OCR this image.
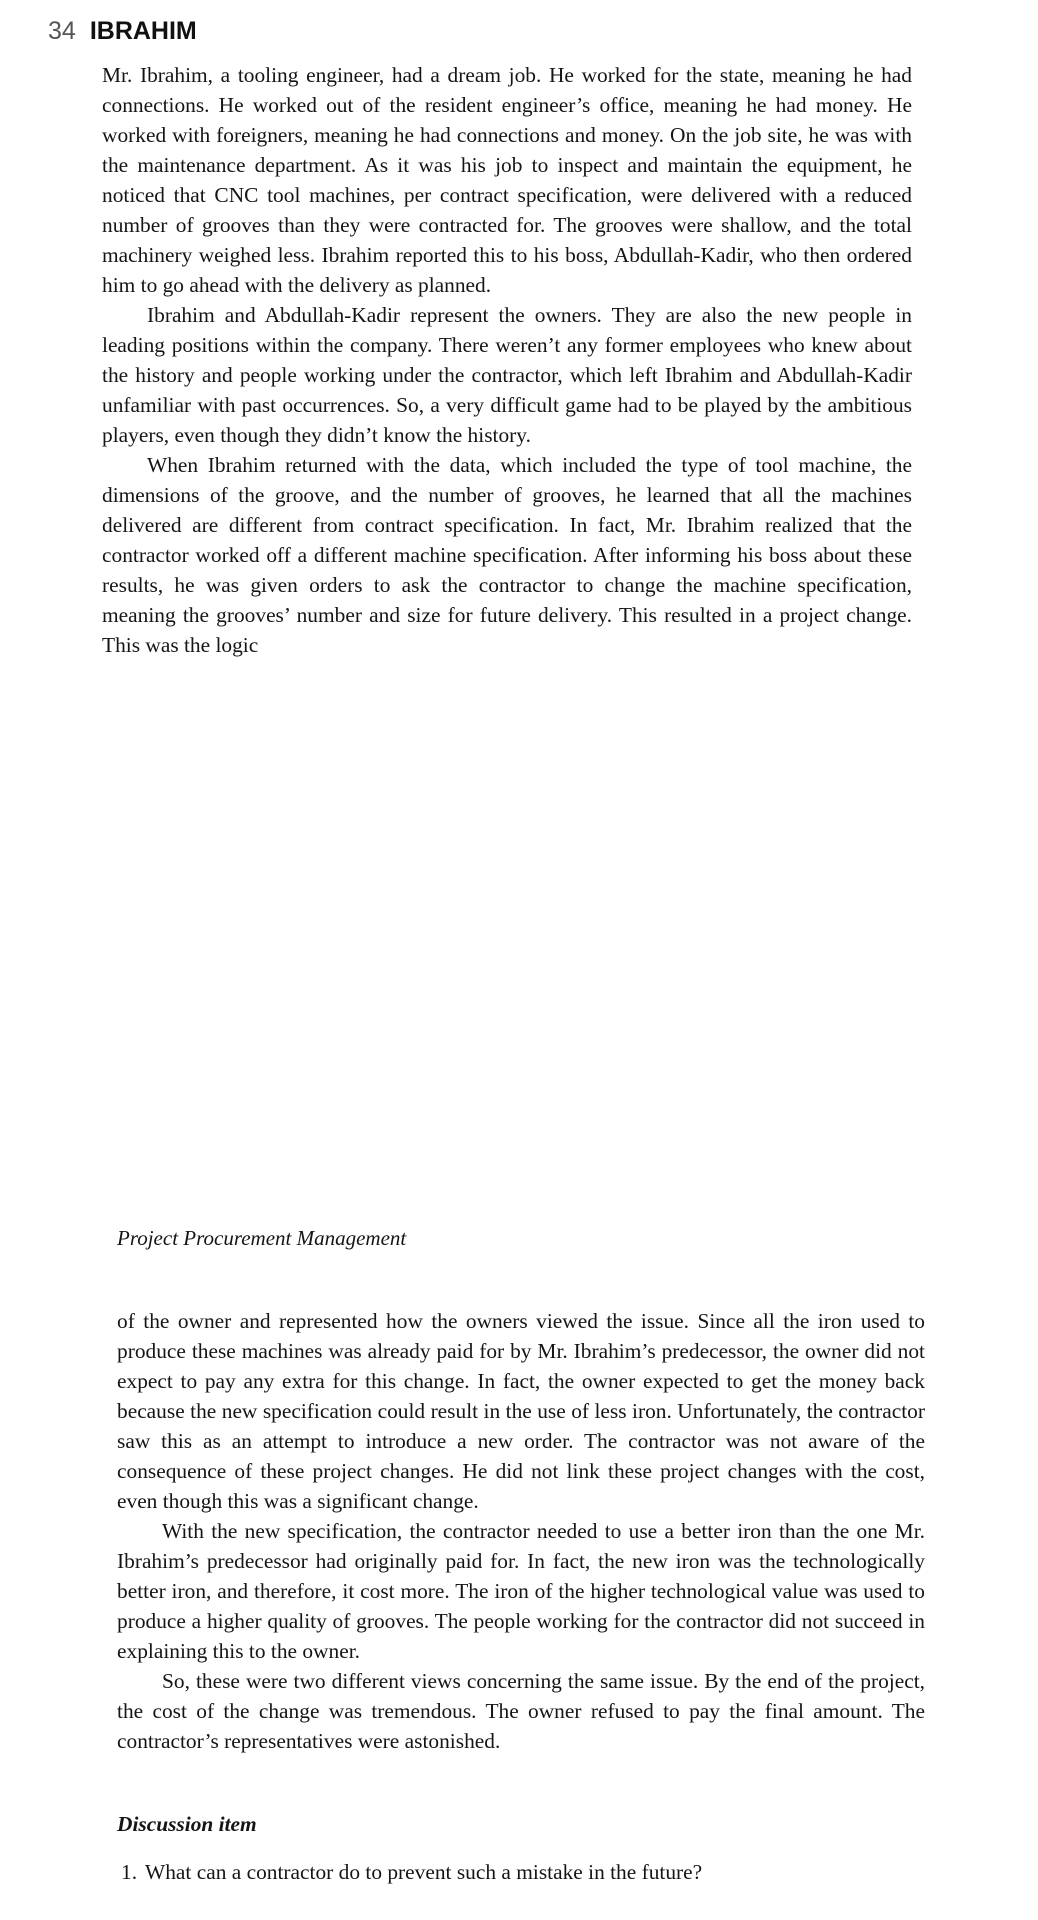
34 IBRAHIM

Mr. Ibrahim, a tooling engineer, had a dream job. He worked for the state, meaning he had connections. He worked out of the resident engineer’s office, meaning he had money. He worked with foreigners, meaning he had connections and money. On the job site, he was with the maintenance department. As it was his job to inspect and maintain the equipment, he noticed that CNC tool machines, per contract specification, were delivered with a reduced number of grooves than they were contracted for. The grooves were shallow, and the total machinery weighed less. Ibrahim reported this to his boss, Abdullah-Kadir, who then ordered him to go ahead with the delivery as planned.

Ibrahim and Abdullah-Kadir represent the owners. They are also the new people in leading positions within the company. There weren’t any former employees who knew about the history and people working under the contractor, which left Ibrahim and Abdullah-Kadir unfamiliar with past occurrences. So, a very difficult game had to be played by the ambitious players, even though they didn’t know the history.

When Ibrahim returned with the data, which included the type of tool machine, the dimensions of the groove, and the number of grooves, he learned that all the machines delivered are different from contract specification. In fact, Mr. Ibrahim realized that the contractor worked off a different machine specification. After informing his boss about these results, he was given orders to ask the contractor to change the machine specification, meaning the grooves’ number and size for future delivery. This resulted in a project change. This was the logic

Project Procurement Management

of the owner and represented how the owners viewed the issue. Since all the iron used to produce these machines was already paid for by Mr. Ibrahim’s predecessor, the owner did not expect to pay any extra for this change. In fact, the owner expected to get the money back because the new specification could result in the use of less iron. Unfortunately, the contractor saw this as an attempt to introduce a new order. The contractor was not aware of the consequence of these project changes. He did not link these project changes with the cost, even though this was a significant change.

With the new specification, the contractor needed to use a better iron than the one Mr. Ibrahim’s predecessor had originally paid for. In fact, the new iron was the technologically better iron, and therefore, it cost more. The iron of the higher technological value was used to produce a higher quality of grooves. The people working for the contractor did not succeed in explaining this to the owner.

So, these were two different views concerning the same issue. By the end of the project, the cost of the change was tremendous. The owner refused to pay the final amount. The contractor’s representatives were astonished.

Discussion item
1. What can a contractor do to prevent such a mistake in the future?
